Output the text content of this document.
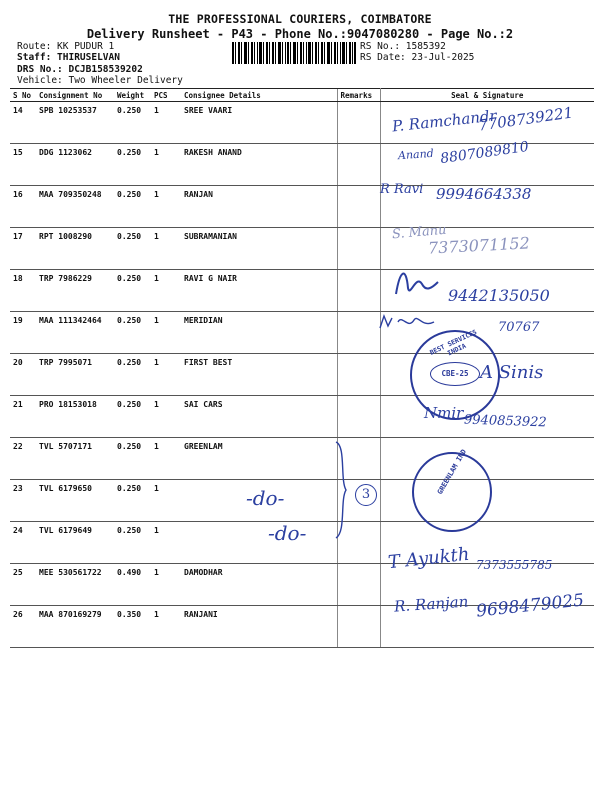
THE PROFESSIONAL COURIERS, COIMBATORE
Delivery Runsheet - P43 - Phone No.:9047080280 - Page No.:2
Route: KK PUDUR 1
Staff: THIRUSELVAN
DRS No.: DCJB158539202
Vehicle: Two Wheeler Delivery
RS No.: 1585392
RS Date: 23-Jul-2025
S No	Consignment No	Weight	PCS	Consignee Details	Remarks	Seal & Signature
14	SPB 10253537	0.250	1	SREE VAARI		
15	DDG 1123062	0.250	1	RAKESH ANAND		
16	MAA 709350248	0.250	1	RANJAN		
17	RPT 1008290	0.250	1	SUBRAMANIAN		
18	TRP 7986229	0.250	1	RAVI G NAIR		
19	MAA 111342464	0.250	1	MERIDIAN		
20	TRP 7995071	0.250	1	FIRST BEST		
21	PRO 18153018	0.250	1	SAI CARS		
22	TVL 5707171	0.250	1	GREENLAM		
23	TVL 6179650	0.250	1			
24	TVL 6179649	0.250	1			
25	MEE 530561722	0.490	1	DAMODHAR		
26	MAA 870169279	0.350	1	RANJANI		
P. Ramchandr
7708739221
Anand 8807089810
R Ravi 9994664338
S. Manu
7373071152
9442135050
70767
BEST SERVICES INDIA
CBE-25 A Sinis
Nmir 9940853922
-do-
-do-
3	GREENLAM IND
T Ayukth 7373555785
R. Ranjan 9698479025
